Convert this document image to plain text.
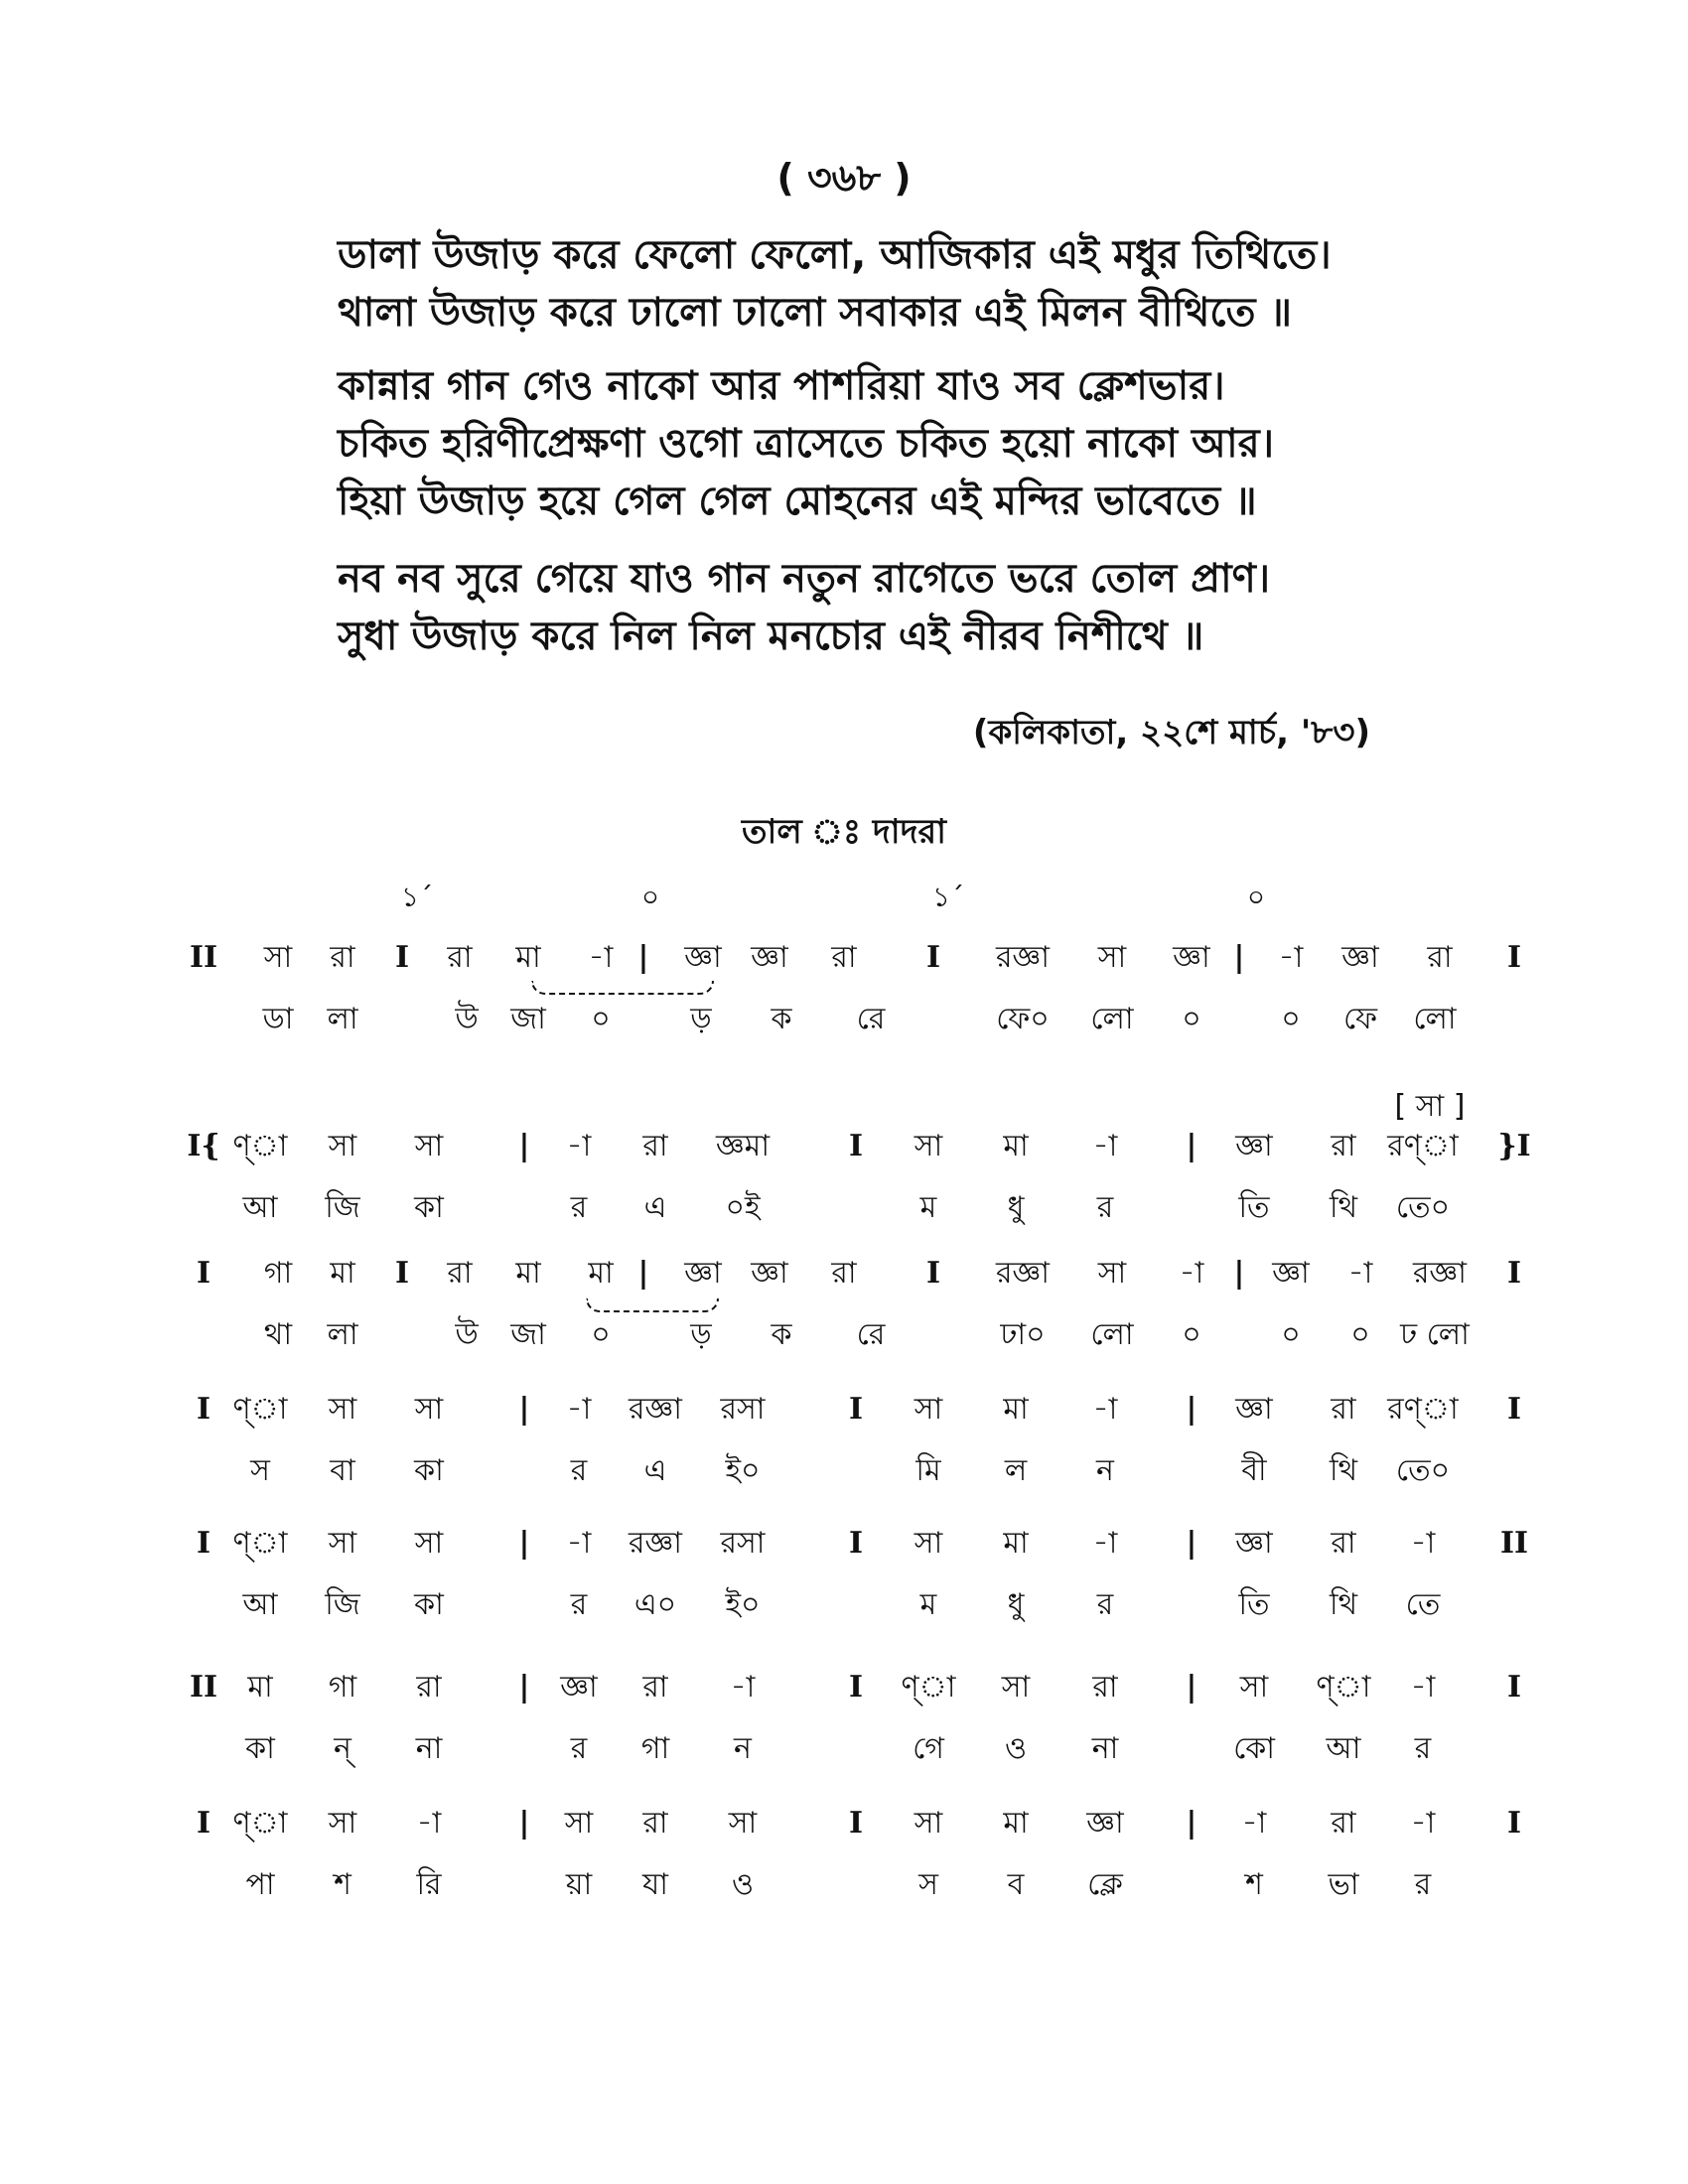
( ৩৬৮ )
ডালা উজাড় করে ফেলো ফেলো, আজিকার এই মধুর তিথিতে।
থালা উজাড় করে ঢালো ঢালো সবাকার এই মিলন বীথিতে ॥
কান্নার গান গেও নাকো আর পাশরিয়া যাও সব ক্লেশভার।
চকিত হরিণীপ্রেক্ষণা ওগো ত্রাসেতে চকিত হয়ো নাকো আর।
হিয়া উজাড় হয়ে গেল গেল মোহনের এই মন্দির ভাবেতে ॥
নব নব সুরে গেয়ে যাও গান নতুন রাগেতে ভরে তোল প্রাণ।
সুধা উজাড় করে নিল নিল মনচোর এই নীরব নিশীথে ॥
(কলিকাতা, ২২শে মার্চ, '৮৩)
তাল ঃ দাদরা
১´	০	১´	০
[ সা ]
II সা রা I রা মা -া | জ্ঞা জ্ঞা রা I রজ্ঞা সা জ্ঞা | -া জ্ঞা রা I
ডা লা	উ জা ০	ড় ক রে	ফে০ লো ০	০ ফে লো
I{ ণ্া সা সা	| -া রা জ্ঞমা	I সা মা -া | জ্ঞা রা রণ্া }I
আ জি কা	র এ ০ই	ম ধু র	তি থি তে০
I গা মা I রা মা মা | জ্ঞা জ্ঞা রা I রজ্ঞা সা -া | জ্ঞা -া রজ্ঞা I
থা লা	উ জা ০	ড় ক রে	ঢা০ লো ০	০ ০ ঢ লো
I ণ্া সা সা	| -া রজ্ঞা রসা	I সা মা -া | জ্ঞা রা রণ্া I
স বা কা	র এ ই০	মি ল ন	বী থি তে০
I ণ্া সা সা	| -া রজ্ঞা রসা	I সা মা -া | জ্ঞা রা -া II
আ জি কা	র এ০ ই০	ম ধু র	তি থি তে
II মা গা রা	| জ্ঞা রা -া	I ণ্া সা রা | সা ণ্া -া I
কা ন্ না	র গা ন	গে ও না	কো আ র
I ণ্া সা -া	| সা রা সা	I সা মা জ্ঞা | -া রা -া I
পা শ রি	য়া যা ও	স ব ক্লে	শ ভা র
